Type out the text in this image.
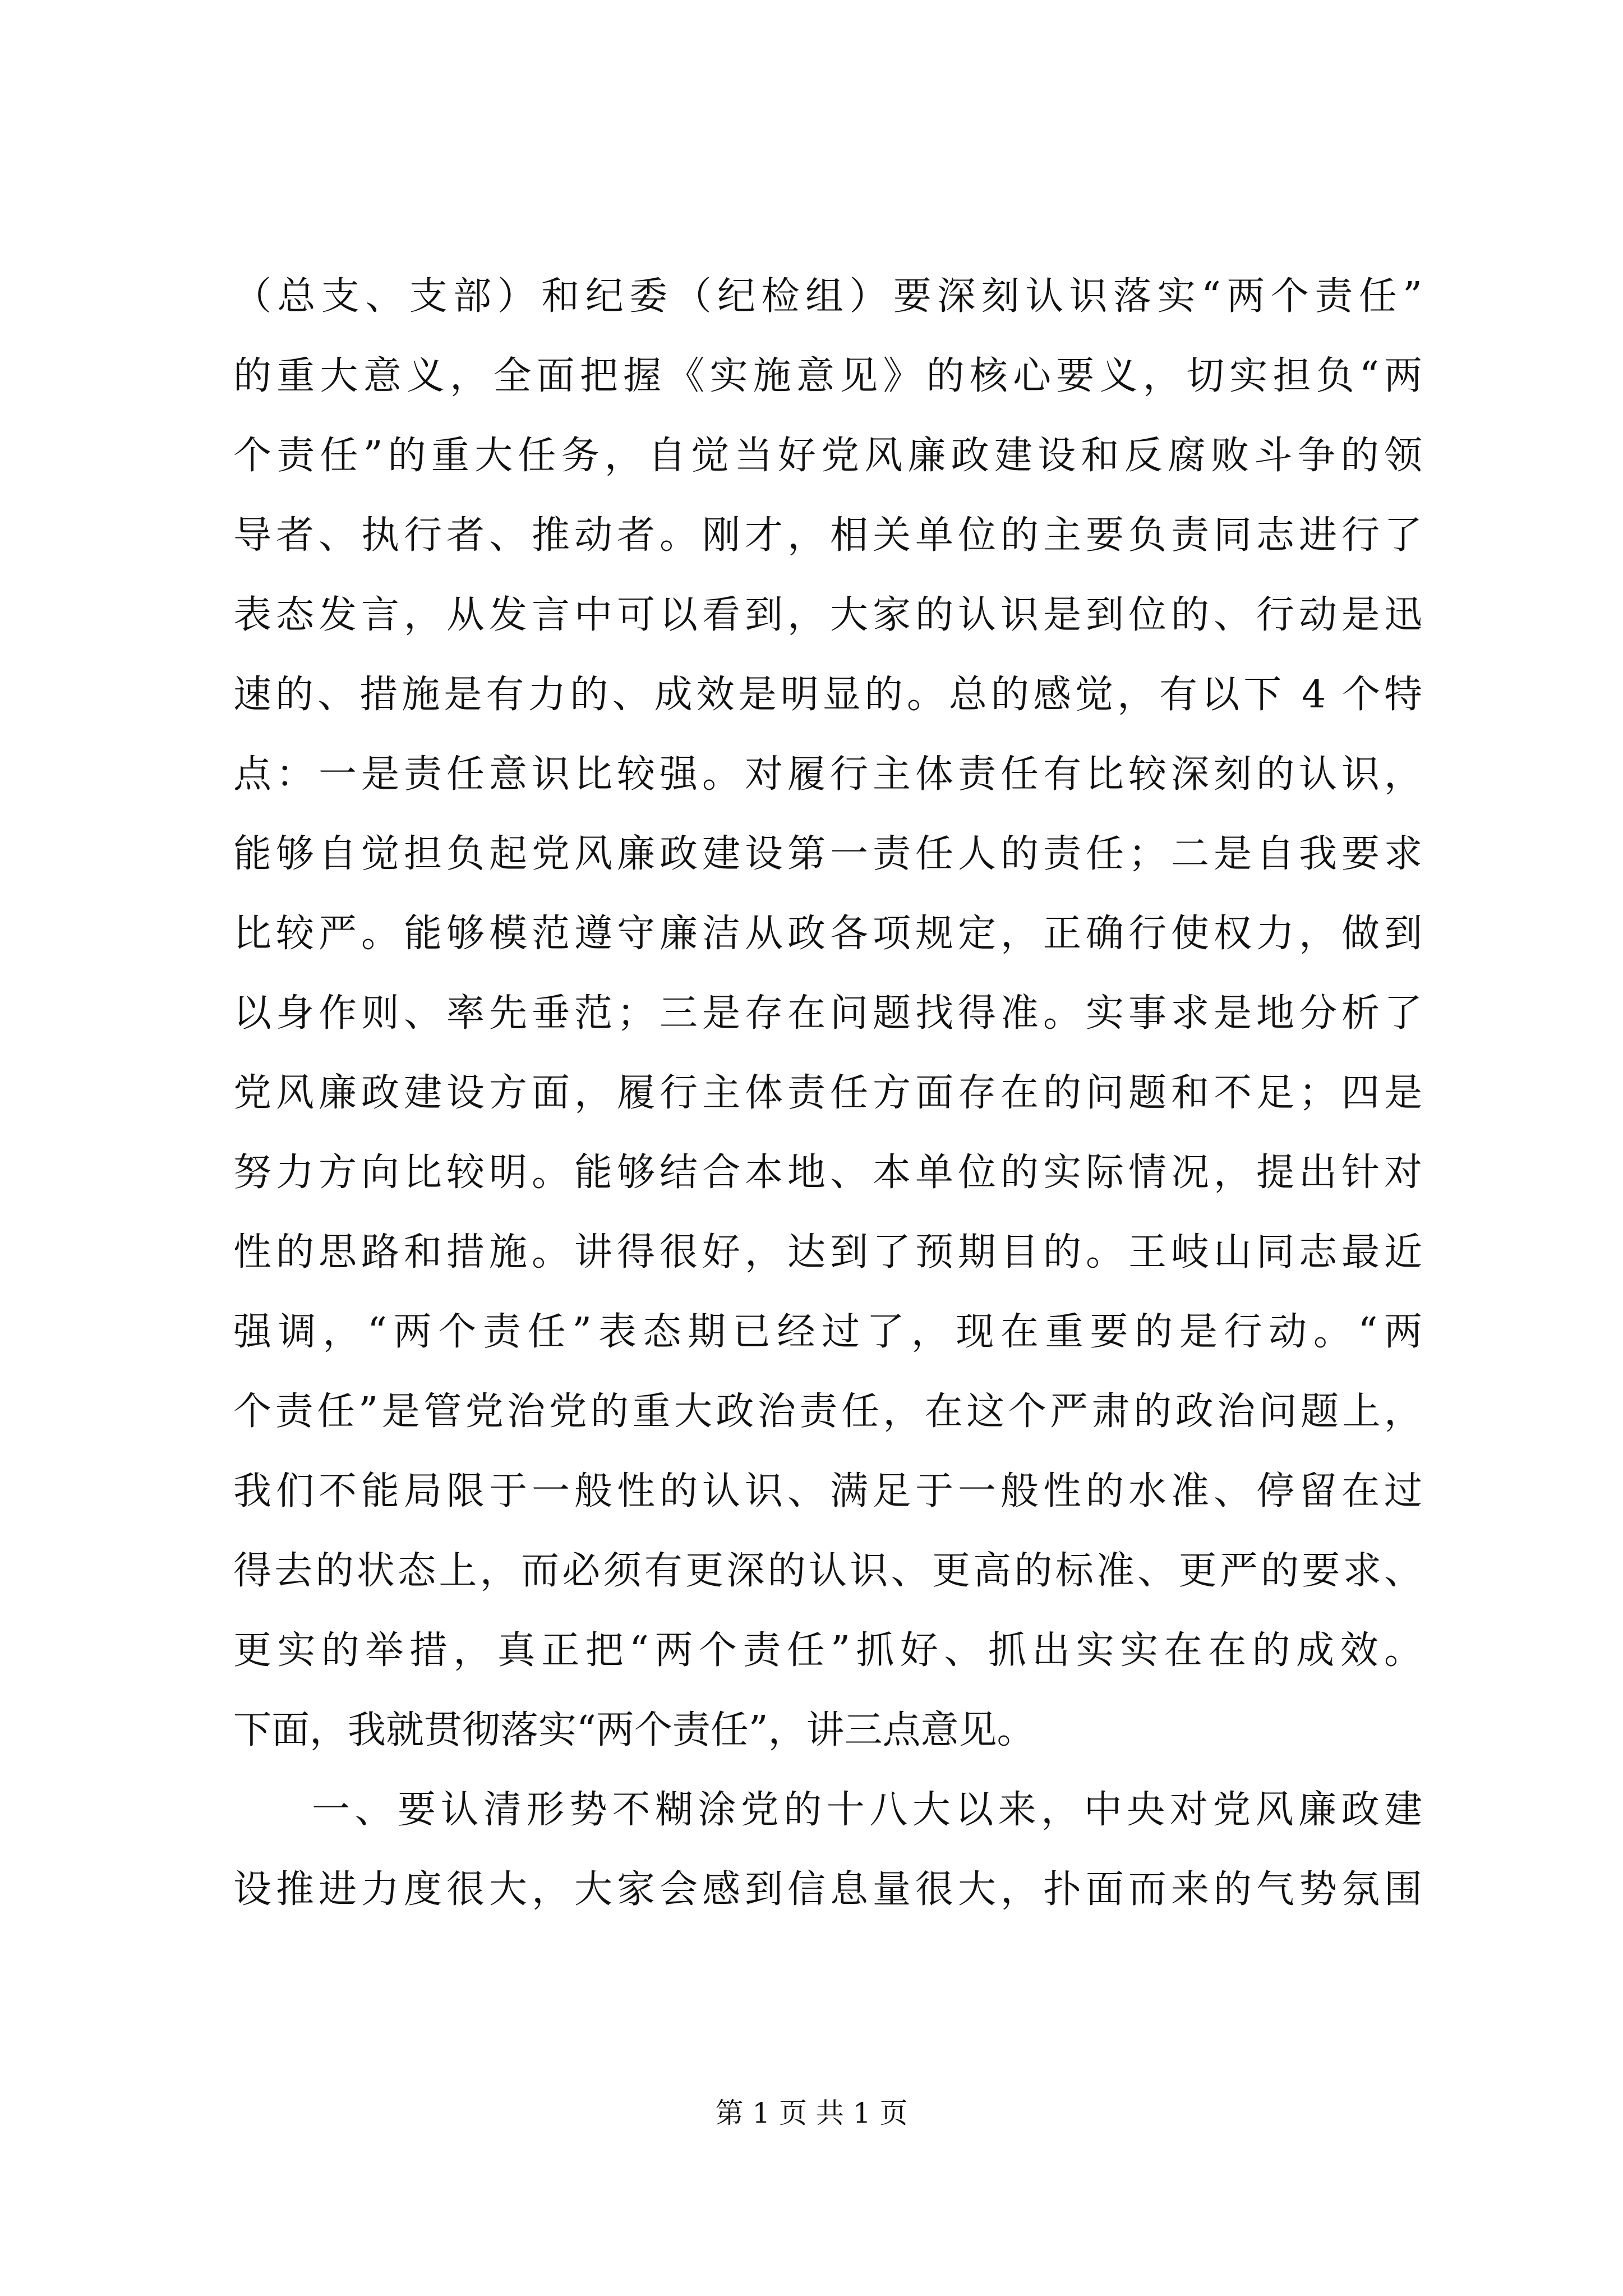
（总支、支部）和纪委（纪检组）要深刻认识落实“两个责任”
的重大意义，全面把握《实施意见》的核心要义，切实担负“两
个责任”的重大任务，自觉当好党风廉政建设和反腐败斗争的领
导者、执行者、推动者。刚才，相关单位的主要负责同志进行了
表态发言，从发言中可以看到，大家的认识是到位的、行动是迅
速的、措施是有力的、成效是明显的。总的感觉，有以下 4 个特
点：一是责任意识比较强。对履行主体责任有比较深刻的认识，
能够自觉担负起党风廉政建设第一责任人的责任；二是自我要求
比较严。能够模范遵守廉洁从政各项规定，正确行使权力，做到
以身作则、率先垂范；三是存在问题找得准。实事求是地分析了
党风廉政建设方面，履行主体责任方面存在的问题和不足；四是
努力方向比较明。能够结合本地、本单位的实际情况，提出针对
性的思路和措施。讲得很好，达到了预期目的。王岐山同志最近
强调，“两个责任”表态期已经过了，现在重要的是行动。“两
个责任”是管党治党的重大政治责任，在这个严肃的政治问题上，
我们不能局限于一般性的认识、满足于一般性的水准、停留在过
得去的状态上，而必须有更深的认识、更高的标准、更严的要求、
更实的举措，真正把“两个责任”抓好、抓出实实在在的成效。
下面，我就贯彻落实“两个责任”，讲三点意见。
一、要认清形势不糊涂党的十八大以来，中央对党风廉政建
设推进力度很大，大家会感到信息量很大，扑面而来的气势氛围
第 1 页 共 1 页
